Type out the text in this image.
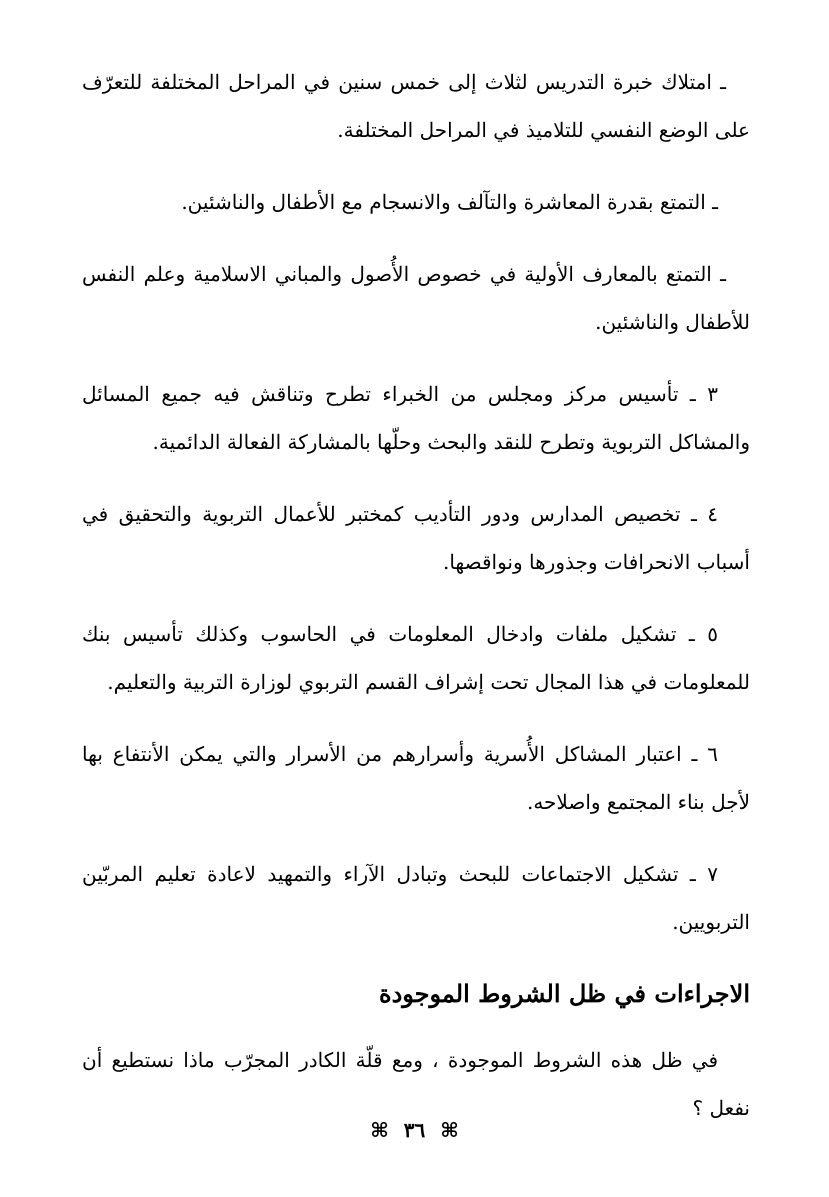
ـ امتلاك خبرة التدريس لثلاث إلى خمس سنين في المراحل المختلفة للتعرّف على الوضع النفسي للتلاميذ في المراحل المختلفة.

ـ التمتع بقدرة المعاشرة والتآلف والانسجام مع الأطفال والناشئين.

ـ التمتع بالمعارف الأولية في خصوص الأُصول والمباني الاسلامية وعلم النفس للأطفال والناشئين.

٣ ـ تأسيس مركز ومجلس من الخبراء تطرح وتناقش فيه جميع المسائل والمشاكل التربوية وتطرح للنقد والبحث وحلّها بالمشاركة الفعالة الدائمية.

٤ ـ تخصيص المدارس ودور التأديب كمختبر للأعمال التربوية والتحقيق في أسباب الانحرافات وجذورها ونواقصها.

٥ ـ تشكيل ملفات وادخال المعلومات في الحاسوب وكذلك تأسيس بنك للمعلومات في هذا المجال تحت إشراف القسم التربوي لوزارة التربية والتعليم.

٦ ـ اعتبار المشاكل الأُسرية وأسرارهم من الأسرار والتي يمكن الأنتفاع بها لأجل بناء المجتمع واصلاحه.

٧ ـ تشكيل الاجتماعات للبحث وتبادل الآراء والتمهيد لاعادة تعليم المربّين التربويين.

الاجراءات في ظل الشروط الموجودة

في ظل هذه الشروط الموجودة ، ومع قلّة الكادر المجرّب ماذا نستطيع أن نفعل ؟

⌘ ٣٦ ⌘
